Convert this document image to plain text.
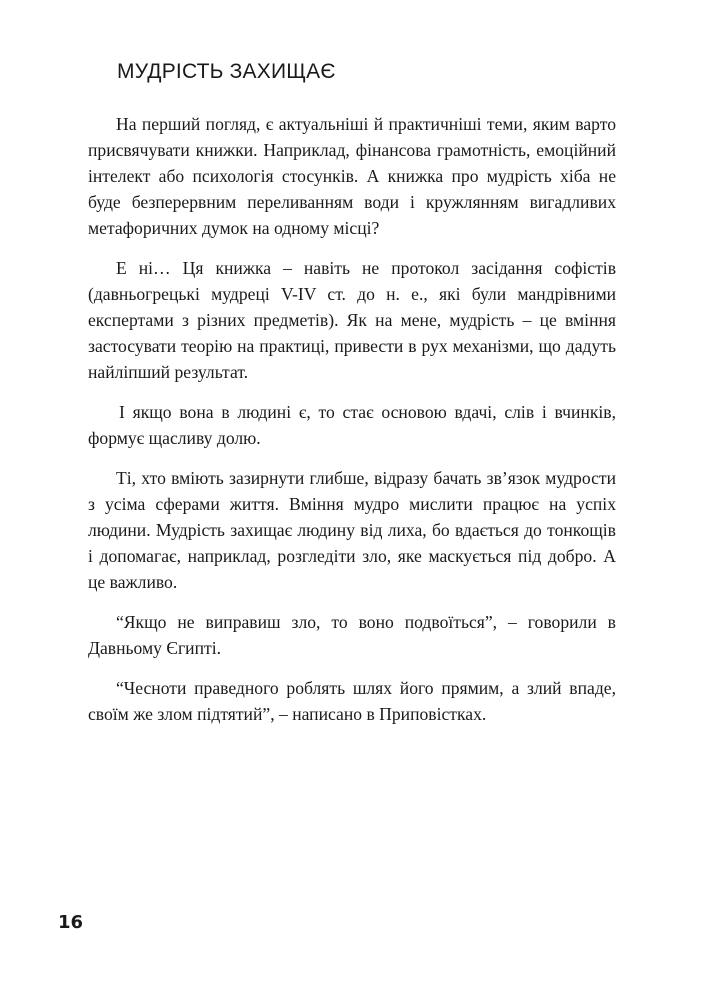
МУДРІСТЬ ЗАХИЩАЄ

На перший погляд, є актуальніші й практичніші теми, яким варто присвячувати книжки. Наприклад, фінансова грамотність, емоційний інтелект або психологія стосунків. А книжка про мудрість хіба не буде безперервним переливанням води і кружлянням вигадливих метафоричних думок на одному місці?

Е ні… Ця книжка – навіть не протокол засідання софістів (давньогрецькі мудреці V-IV ст. до н. е., які були мандрівними експертами з різних предметів). Як на мене, мудрість – це вміння застосувати теорію на практиці, привести в рух механізми, що дадуть найліпший результат.

І якщо вона в людині є, то стає основою вдачі, слів і вчинків, формує щасливу долю.

Ті, хто вміють зазирнути глибше, відразу бачать зв’язок мудрости з усіма сферами життя. Вміння мудро мислити працює на успіх людини. Мудрість захищає людину від лиха, бо вдається до тонкощів і допомагає, наприклад, розгледіти зло, яке маскується під добро. А це важливо.

“Якщо не виправиш зло, то воно подвоїться”, – говорили в Давньому Єгипті.

“Чесноти праведного роблять шлях його прямим, а злий впаде, своїм же злом підтятий”, – написано в Приповістках.

16
